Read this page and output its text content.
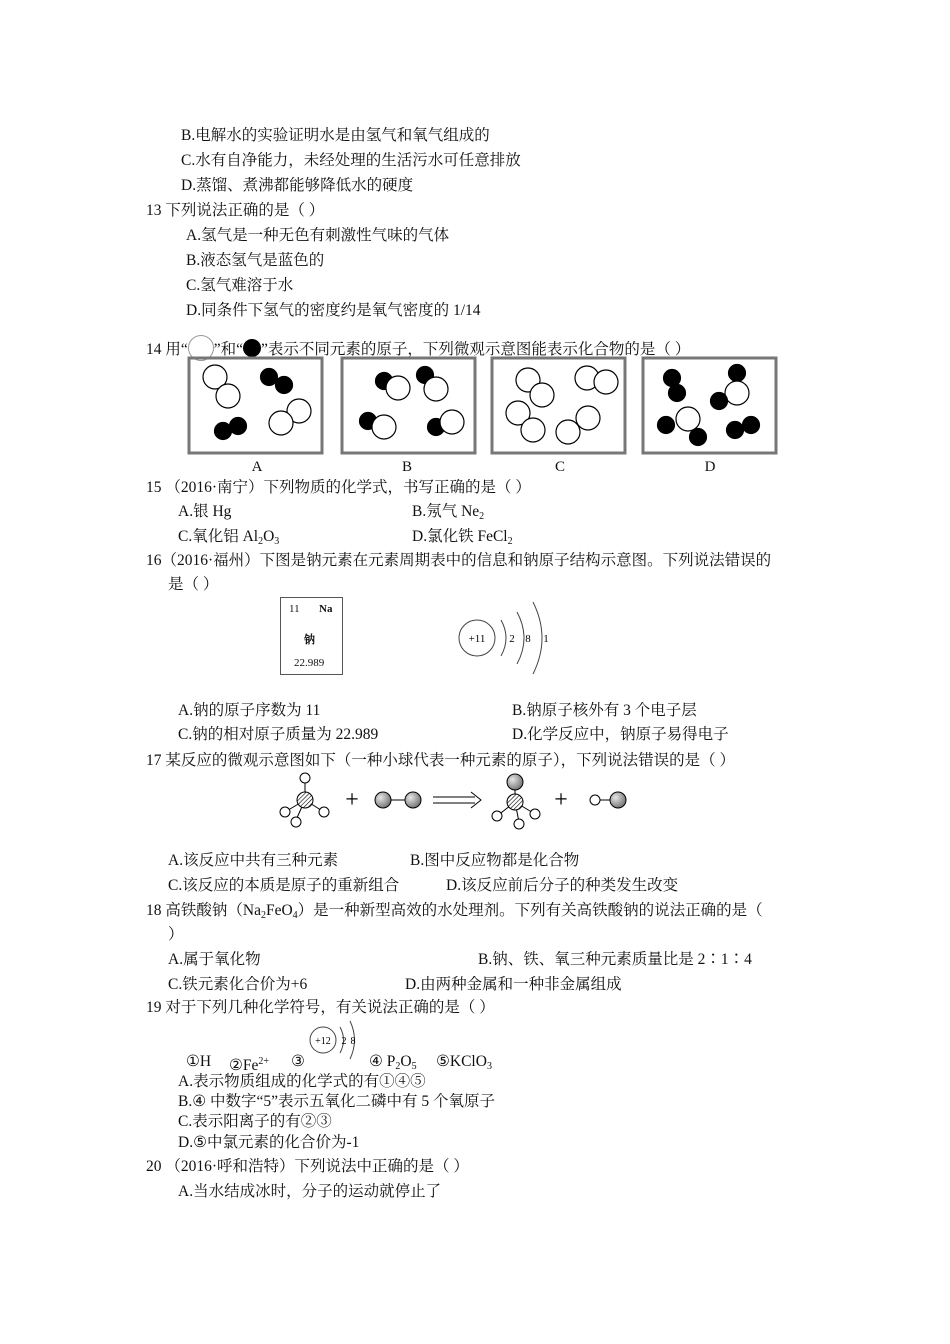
B.电解水的实验证明水是由氢气和氧气组成的
C.水有自净能力，未经处理的生活污水可任意排放
D.蒸馏、煮沸都能够降低水的硬度
13 下列说法正确的是（ ）
A.氢气是一种无色有刺激性气味的气体
B.液态氢气是蓝色的
C.氢气难溶于水
D.同条件下氢气的密度约是氧气密度的 1/14
14 用“ ”和“ ”表示不同元素的原子，下列微观示意图能表示化合物的是（ ）
A	B	C	D
15 （2016·南宁）下列物质的化学式，书写正确的是（ ）
A.银 Hg	B.氖气 $Ne_2$
C.氧化铝 $Al_2O_3$	D.氯化铁 FeCl$_2$
16（2016·福州）下图是钠元素在元素周期表中的信息和钠原子结构示意图。下列说法错误的
是（ ）
11 Na
钠
22.989
+11 2 8 1
A.钠的原子序数为 11	B.钠原子核外有 3 个电子层
C.钠的相对原子质量为 22.989	D.化学反应中，钠原子易得电子
17 某反应的微观示意图如下（一种小球代表一种元素的原子），下列说法错误的是（ ）
+	+
A.该反应中共有三种元素	B.图中反应物都是化合物
C.该反应的本质是原子的重新组合	D.该反应前后分子的种类发生改变
18 高铁酸钠$(Na_2FeO_4)$是一种新型高效的水处理剂。下列有关高铁酸钠的说法正确的是（
）
A.属于氧化物	B.钠、铁、氧三种元素质量比是 2∶1∶4
C.铁元素化合价为+6	D.由两种金属和一种非金属组成
19 对于下列几种化学符号，有关说法正确的是（ ）
+12 2 8
①H $②Fe^{2+}$ ③	④ $P_2O_5$ ⑤KClO$_3$
A.表示物质组成的化学式的有①④⑤
B.④ 中数字“5”表示五氧化二磷中有 5 个氧原子
C.表示阳离子的有②③
D.⑤中氯元素的化合价为-1
20 （2016·呼和浩特）下列说法中正确的是（ ）
A.当水结成冰时，分子的运动就停止了
